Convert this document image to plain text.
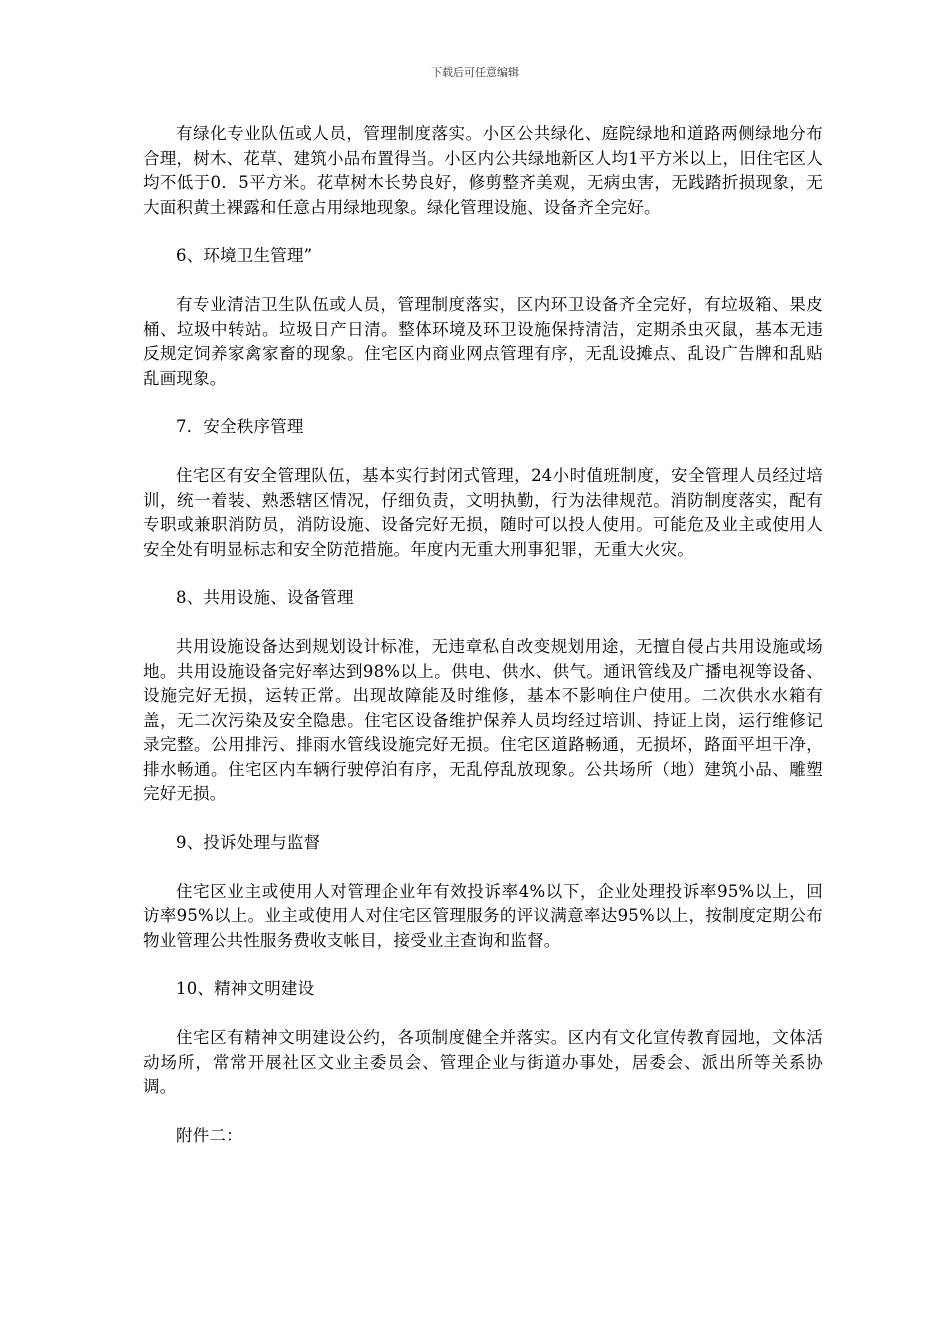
下载后可任意编辑

有绿化专业队伍或人员，管理制度落实。小区公共绿化、庭院绿地和道路两侧绿地分布合理，树木、花草、建筑小品布置得当。小区内公共绿地新区人均1平方米以上，旧住宅区人均不低于0．5平方米。花草树木长势良好，修剪整齐美观，无病虫害，无践踏折损现象，无大面积黄土裸露和任意占用绿地现象。绿化管理设施、设备齐全完好。

6、环境卫生管理”

有专业清洁卫生队伍或人员，管理制度落实，区内环卫设备齐全完好，有垃圾箱、果皮桶、垃圾中转站。垃圾日产日清。整体环境及环卫设施保持清洁，定期杀虫灭鼠，基本无违反规定饲养家禽家畜的现象。住宅区内商业网点管理有序，无乱设摊点、乱设广告牌和乱贴乱画现象。

7．安全秩序管理

住宅区有安全管理队伍，基本实行封闭式管理，24小时值班制度，安全管理人员经过培训，统一着装、熟悉辖区情况，仔细负责，文明执勤，行为法律规范。消防制度落实，配有专职或兼职消防员，消防设施、设备完好无损，随时可以投人使用。可能危及业主或使用人安全处有明显标志和安全防范措施。年度内无重大刑事犯罪，无重大火灾。

8、共用设施、设备管理

共用设施设备达到规划设计标准，无违章私自改变规划用途，无擅自侵占共用设施或场地。共用设施设备完好率达到98%以上。供电、供水、供气。通讯管线及广播电视等设备、设施完好无损，运转正常。出现故障能及时维修，基本不影响住户使用。二次供水水箱有盖，无二次污染及安全隐患。住宅区设备维护保养人员均经过培训、持证上岗，运行维修记录完整。公用排污、排雨水管线设施完好无损。住宅区道路畅通，无损坏，路面平坦干净，排水畅通。住宅区内车辆行驶停泊有序，无乱停乱放现象。公共场所（地）建筑小品、雕塑完好无损。

9、投诉处理与监督

住宅区业主或使用人对管理企业年有效投诉率4%以下，企业处理投诉率95%以上，回访率95%以上。业主或使用人对住宅区管理服务的评议满意率达95%以上，按制度定期公布物业管理公共性服务费收支帐目，接受业主查询和监督。

10、精神文明建设

住宅区有精神文明建设公约，各项制度健全并落实。区内有文化宣传教育园地，文体活动场所，常常开展社区文业主委员会、管理企业与街道办事处，居委会、派出所等关系协调。

附件二：
